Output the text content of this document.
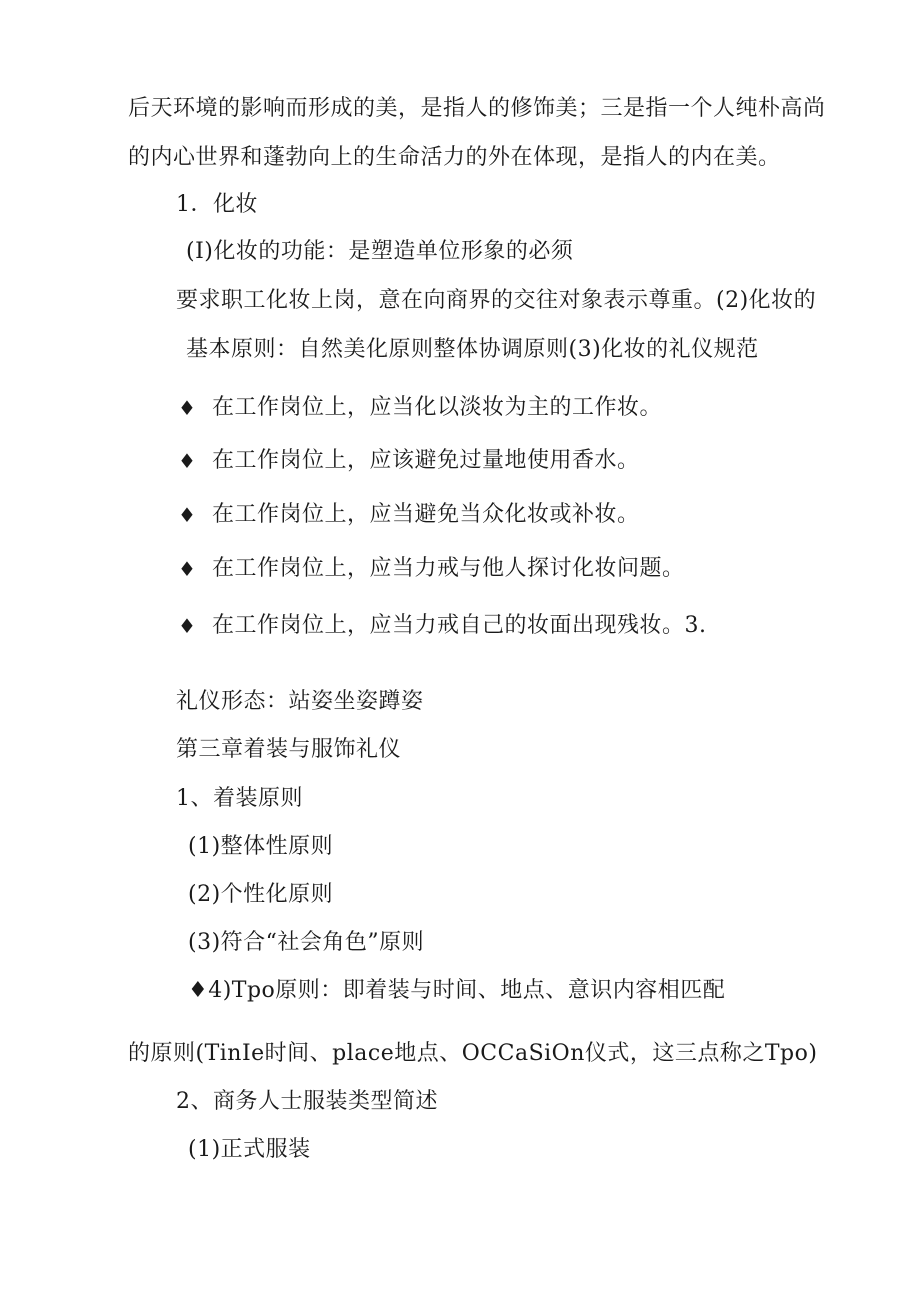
后天环境的影响而形成的美，是指人的修饰美；三是指一个人纯朴高尚
的内心世界和蓬勃向上的生命活力的外在体现，是指人的内在美。
1．化妆
(I)化妆的功能：是塑造单位形象的必须
要求职工化妆上岗，意在向商界的交往对象表示尊重。(2)化妆的
基本原则：自然美化原则整体协调原则(3)化妆的礼仪规范
♦ 在工作岗位上，应当化以淡妆为主的工作妆。
♦ 在工作岗位上，应该避免过量地使用香水。
♦ 在工作岗位上，应当避免当众化妆或补妆。
♦ 在工作岗位上，应当力戒与他人探讨化妆问题。
♦ 在工作岗位上，应当力戒自己的妆面出现残妆。3.
礼仪形态：站姿坐姿蹲姿
第三章着装与服饰礼仪
1、着装原则
(1)整体性原则
(2)个性化原则
(3)符合“社会角色”原则
♦4)Tpo原则：即着装与时间、地点、意识内容相匹配
的原则(TinIe时间、place地点、OCCaSiOn仪式，这三点称之Tpo)
2、商务人士服装类型简述
(1)正式服装
